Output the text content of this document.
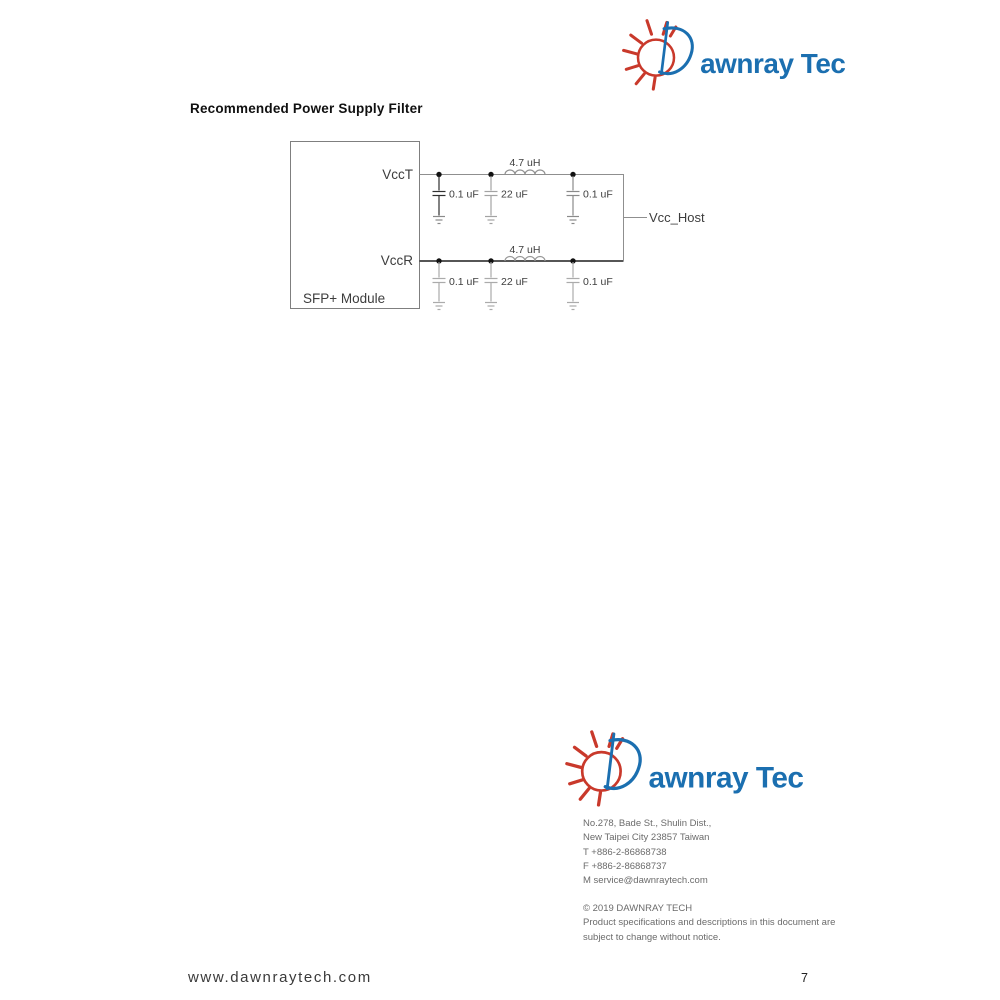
Recommended Power Supply Filter
VccT
VccR
SFP+ Module
4.7 uH
0.1 uF 22 uF	0.1 uF
4.7 uH
0.1 uF 22 uF	0.1 uF
Vcc_Host
No.278, Bade St., Shulin Dist.,
New Taipei City 23857 Taiwan
T +886-2-86868738
F +886-2-86868737
M service@dawnraytech.com
© 2019 DAWNRAY TECH
Product specifications and descriptions in this document are
subject to change without notice.
www.dawnraytech.com	7
